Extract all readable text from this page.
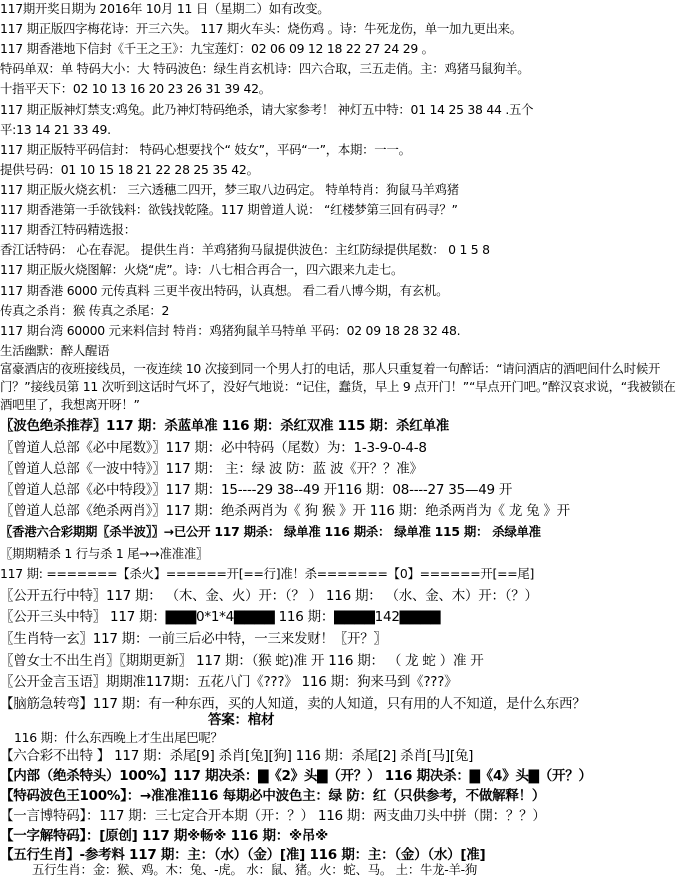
117期开奖日期为 2016年 10月 11 日（星期二）如有改变。
117 期正版四字梅花诗：开三六失。 117 期火车头：烧伤鸡 。诗：牛死龙伤，单一加九更出来。
117 期香港地下信封《千王之王》：九宝莲灯：02 06 09 12 18 22 27 24 29 。
特码单双：单 特码大小：大 特码波色：绿生肖玄机诗：四六合取，三五走俏。主：鸡猪马鼠狗羊。
十指平天下：02 10 13 16 20 23 26 31 39 42。
117 期正版神灯禁支:鸡兔。此乃神灯特码绝杀，请大家参考！ 神灯五中特：01 14 25 38 44 .五个
平:13 14 21 33 49.
117 期正版特平码信封： 特码心想要找个“ 妓女”，平码“一”，本期：一一。
提供号码：01 10 15 18 21 22 28 25 35 42。
117 期正版火烧玄机： 三六透穗二四开，梦三取八边码定。 特单特肖：狗鼠马羊鸡猪
117 期香港第一手欲钱料：欲钱找乾隆。117 期曾道人说： “红楼梦第三回有码寻？”
117 期香江特码精选报：
香江话特码： 心在春泥。 提供生肖：羊鸡猪狗马鼠提供波色：主红防绿提供尾数： 0 1 5 8
117 期正版火烧图解：火烧“虎”。诗：八七相合再合一，四六跟来九走七。
117 期香港 6000 元传真料 三更半夜出特码，认真想。 看二看八博今期，有玄机。
传真之杀肖：猴 传真之杀尾：2
117 期台湾 60000 元来料信封 特肖：鸡猪狗鼠羊马特单 平码：02 09 18 28 32 48.
生活幽默：醉人醒语
富豪酒店的夜班接线员，一夜连续 10 次接到同一个男人打的电话，那人只重复着一句醉话：“请问酒店的酒吧间什么时候开门？”接线员第 11 次听到这话时气坏了，没好气地说：“记住，蠢货，早上 9 点开门！”“早点开门吧。”醉汉哀求说，“我被锁在酒吧里了，我想离开呀！”
〖波色绝杀推荐〗117 期：杀蓝单准 116 期：杀红双准 115 期：杀红单准
〖曾道人总部《必中尾数》〗117 期：必中特码（尾数）为：1-3-9-0-4-8
〖曾道人总部《一波中特》〗117 期： 主：绿 波 防：蓝 波《开？？准》
〖曾道人总部《必中特段》〗117 期：15----29 38--49 开116 期：08----27 35—49 开
〖曾道人总部《绝杀两肖》〗117 期：绝杀两肖为《 狗 猴 》开 116 期：绝杀两肖为《 龙 兔 》开
〖香港六合彩期期〖杀半波〗〗→已公开 117 期杀： 绿单准 116 期杀： 绿单准 115 期： 杀绿单准
〖期期精杀 1 行与杀 1 尾→→准准准〗
117 期: =======【杀火】======开[==行]准！杀=======【0】======开[==尾]
〖公开五行中特〗117 期： （木、金、火）开：（？ ） 116 期： （水、金、木）开：（？）
〖公开三头中特〗 117 期：▇▇▇0*1*4▇▇▇▇ 116 期：▇▇▇▇142▇▇▇▇
〖生肖特一玄〗117 期：一前三后必中特，一三来发财！〖开？〗
〖曾女士不出生肖〗〖期期更新〗 117 期：（猴 蛇)准 开 116 期： （ 龙 蛇 ）准 开
〖公开金言玉语〗期期准117期：五花八门《???》 116 期：狗来马到《???》
【脑筋急转弯】117 期：有一种东西，买的人知道，卖的人知道，只有用的人不知道，是什么东西？
答案：棺材
116 期：什么东西晚上才生出尾巴呢？
【六合彩不出特 】 117 期：杀尾[9] 杀肖[兔][狗] 116 期：杀尾[2] 杀肖[马][兔]
【内部（绝杀特头）100%】117 期决杀：▇《2》头▇（开？） 116 期决杀：▇《4》头▇（开？）
【特码波色王100%】：→准准准116 每期必中波色主：绿 防：红（只供参考，不做解释！）
【一言博特码】：117 期：三七定合开本期（开：？） 116 期：两支曲刀头中拼（開：？？）
【一字解特码】：[原创] 117 期※畅※ 116 期：※吊※
【五行生肖】-参考料 117 期：主：（水）（金）[准] 116 期：主：（金）（水）[准]
五行生肖：金：猴、鸡。木：兔、-虎。 水：鼠、猪。火：蛇、马。 土：牛龙-羊-狗
